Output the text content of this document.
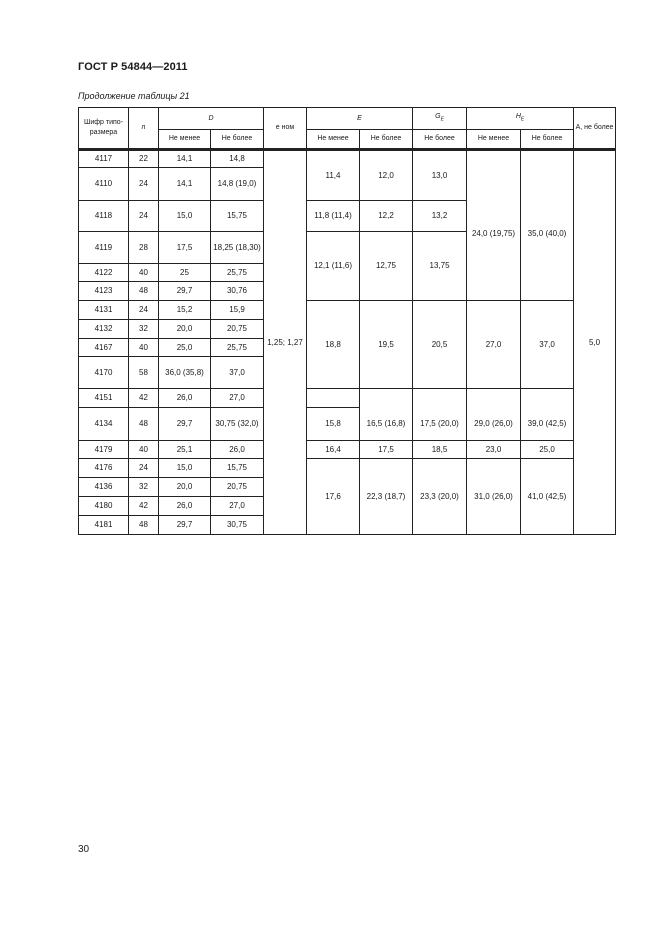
ГОСТ Р 54844—2011
Продолжение таблицы 21
Шифр типо-размера	n	D		e ном	E		$G_E$	$H_E$		A, не более
		Не менее	Не более		Не менее	Не более	Не более	Не менее	Не более	

4117	22	14,1	14,8	1,25; 1,27	11,4	12,0	13,0			5,0
4110	24	14,1	14,8 (19,0)					24,0 (19,75)	35,0 (40,0)	
4118	24	15,0	15,75		11,8 (11,4)	12,2	13,2			
4119	28	17,5	18,25 (18,30)		12,1 (11,6)	12,75	13,75			
4122	40	25	25,75							
4123	48	29,7	30,76							
4131	24	15,2	15,9		18,8	19,5	20,5	27,0	37,0	
4132	32	20,0	20,75							
4167	40	25,0	25,75							
4170	58	36,0 (35,8)	37,0							
4151	42	26,0	27,0							
4134	48	29,7	30,75 (32,0)		15,8	16,5 (16,8)	17,5 (20,0)	29,0 (26,0)	39,0 (42,5)	
4179	40	25,1	26,0		16,4	17,5	18,5	23,0	25,0	
4176	24	15,0	15,75		17,6	22,3 (18,7)	23,3 (20,0)	31,0 (26,0)	41,0 (42,5)	
4136	32	20,0	20,75							
4180	42	26,0	27,0							
4181	48	29,7	30,75							
30
